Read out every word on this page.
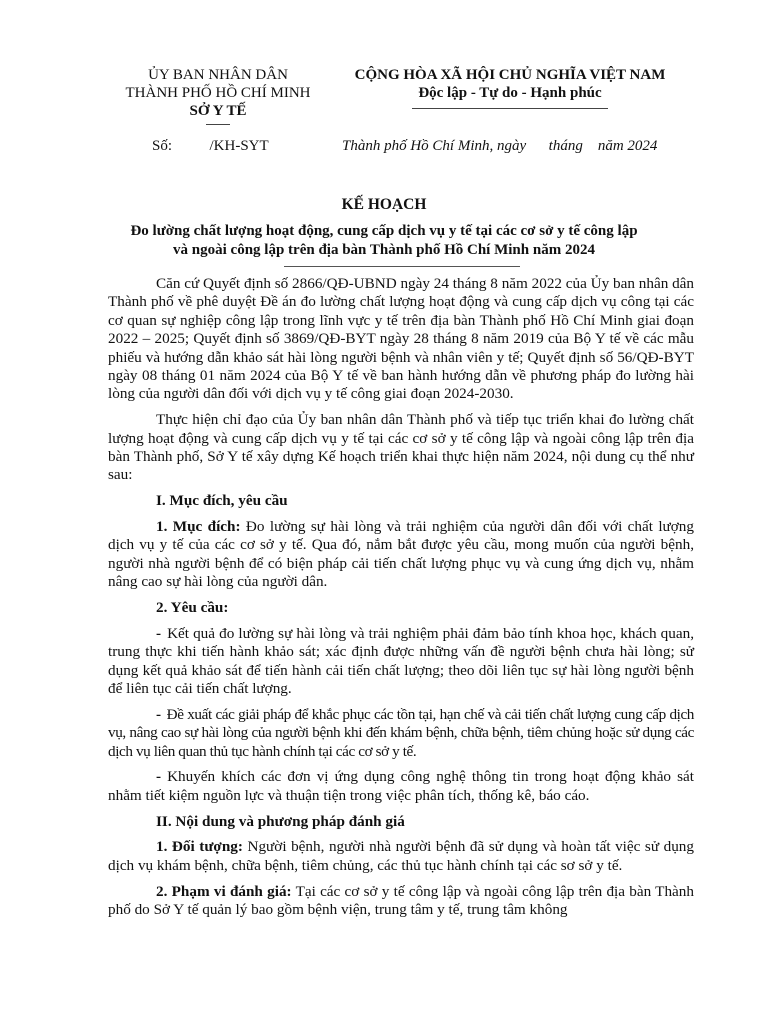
ỦY BAN NHÂN DÂN
THÀNH PHỐ HỒ CHÍ MINH
SỞ Y TẾ
CỘNG HÒA XÃ HỘI CHỦ NGHĨA VIỆT NAM
Độc lập - Tự do - Hạnh phúc
Số:          /KH-SYT	Thành phố Hồ Chí Minh, ngày      tháng    năm 2024
KẾ HOẠCH
Đo lường chất lượng hoạt động, cung cấp dịch vụ y tế tại các cơ sở y tế công lập
và ngoài công lập trên địa bàn Thành phố Hồ Chí Minh năm 2024

Căn cứ Quyết định số 2866/QĐ-UBND ngày 24 tháng 8 năm 2022 của Ủy ban nhân dân Thành phố về phê duyệt Đề án đo lường chất lượng hoạt động và cung cấp dịch vụ công tại các cơ quan sự nghiệp công lập trong lĩnh vực y tế trên địa bàn Thành phố Hồ Chí Minh giai đoạn 2022 – 2025; Quyết định số 3869/QĐ-BYT ngày 28 tháng 8 năm 2019 của Bộ Y tế về các mẫu phiếu và hướng dẫn khảo sát hài lòng người bệnh và nhân viên y tế; Quyết định số 56/QĐ-BYT ngày 08 tháng 01 năm 2024 của Bộ Y tế về ban hành hướng dẫn về phương pháp đo lường hài lòng của người dân đối với dịch vụ y tế công giai đoạn 2024-2030.

Thực hiện chỉ đạo của Ủy ban nhân dân Thành phố và tiếp tục triển khai đo lường chất lượng hoạt động và cung cấp dịch vụ y tế tại các cơ sở y tế công lập và ngoài công lập trên địa bàn Thành phố, Sở Y tế xây dựng Kế hoạch triển khai thực hiện năm 2024, nội dung cụ thể như sau:

I. Mục đích, yêu cầu

1. Mục đích: Đo lường sự hài lòng và trải nghiệm của người dân đối với chất lượng dịch vụ y tế của các cơ sở y tế. Qua đó, nắm bắt được yêu cầu, mong muốn của người bệnh, người nhà người bệnh để có biện pháp cải tiến chất lượng phục vụ và cung ứng dịch vụ, nhằm nâng cao sự hài lòng của người dân.

2. Yêu cầu:

- Kết quả đo lường sự hài lòng và trải nghiệm phải đảm bảo tính khoa học, khách quan, trung thực khi tiến hành khảo sát; xác định được những vấn đề người bệnh chưa hài lòng; sử dụng kết quả khảo sát để tiến hành cải tiến chất lượng; theo dõi liên tục sự hài lòng người bệnh để liên tục cải tiến chất lượng.

- Đề xuất các giải pháp để khắc phục các tồn tại, hạn chế và cải tiến chất lượng cung cấp dịch vụ, nâng cao sự hài lòng của người bệnh khi đến khám bệnh, chữa bệnh, tiêm chủng hoặc sử dụng các dịch vụ liên quan thủ tục hành chính tại các cơ sở y tế.

- Khuyến khích các đơn vị ứng dụng công nghệ thông tin trong hoạt động khảo sát nhằm tiết kiệm nguồn lực và thuận tiện trong việc phân tích, thống kê, báo cáo.

II. Nội dung và phương pháp đánh giá

1. Đối tượng: Người bệnh, người nhà người bệnh đã sử dụng và hoàn tất việc sử dụng dịch vụ khám bệnh, chữa bệnh, tiêm chủng, các thủ tục hành chính tại các sơ sở y tế.

2. Phạm vi đánh giá: Tại các cơ sở y tế công lập và ngoài công lập trên địa bàn Thành phố do Sở Y tế quản lý bao gồm bệnh viện, trung tâm y tế, trung tâm không
